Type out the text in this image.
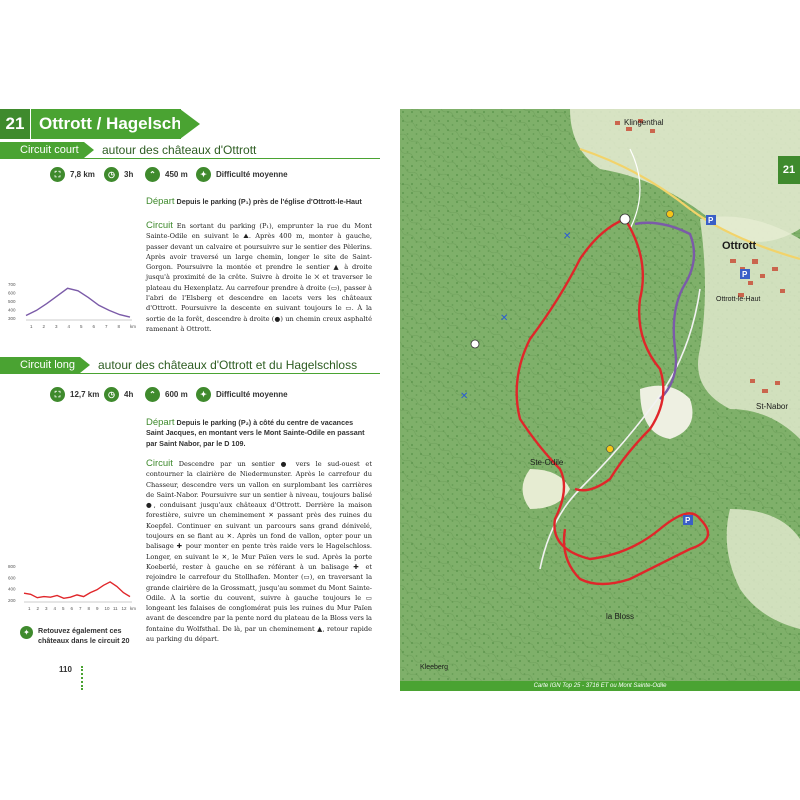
21 Ottrott / Hagelschloss
Circuit court	autour des châteaux d'Ottrott
⛶	7,8 km	◷	3h	⌃	450 m	✦	Difficulté moyenne
Départ Depuis le parking (P₁) près de l'église d'Ottrott-le-Haut
Circuit En sortant du parking (P₁), emprunter la rue du Mont Sainte-Odile en suivant le ⛰. Après 400 m, monter à gauche, passer devant un calvaire et poursuivre sur le sentier des Pèlerins. Après avoir traversé un large chemin, longer le site de Saint-Gorgon. Poursuivre la montée et prendre le sentier ▲ à droite jusqu'à proximité de la crête. Suivre à droite le ✕ et traverser le plateau du Hexenplatz. Au carrefour prendre à droite (▭), passer à l'abri de l'Elsberg et descendre en lacets vers les châteaux d'Ottrott. Poursuivre la descente en suivant toujours le ▭. À la sortie de la forêt, descendre à droite (●) un chemin creux asphalté ramenant à Ottrott.
700
600
500
400
300
1 2 3 4 5 6 7 8 km
Circuit long	autour des châteaux d'Ottrott et du Hagelschloss
⛶	12,7 km	◷	4h	⌃	600 m	✦	Difficulté moyenne
Départ Depuis le parking (P₂) à côté du centre de vacances Saint Jacques, en montant vers le Mont Sainte-Odile en passant par Saint Nabor, par le D 109.
Circuit Descendre par un sentier ● vers le sud-ouest et contourner la clairière de Niedermunster. Après le carrefour du Chasseur, descendre vers un vallon en surplombant les carrières de Saint-Nabor. Poursuivre sur un sentier à niveau, toujours balisé ●, conduisant jusqu'aux châteaux d'Ottrott. Derrière la maison forestière, suivre un cheminement ✕ passant près des ruines du Koepfel. Continuer en suivant un parcours sans grand dénivelé, toujours en se fiant au ✕. Après un fond de vallon, opter pour un balisage ✚ pour monter en pente très raide vers le Hagelschloss. Longer, en suivant le ✕, le Mur Païen vers le sud. Après la porte Koeberlé, rester à gauche en se référant à un balisage ✚ et rejoindre le carrefour du Stollhafen. Monter (▭), en traversant la grande clairière de la Grossmatt, jusqu'au sommet du Mont Sainte-Odile. À la sortie du couvent, suivre à gauche toujours le ▭ longeant les falaises de conglomérat puis les ruines du Mur Païen avant de descendre par la pente nord du plateau de la Bloss vers la fontaine du Wolfsthal. De là, par un cheminement ▲, retour rapide au parking du départ.
800
600
400
200
1 2 3 4 5 6 7 8 9 10 11 12 km
✦	Retouvez également ces châteaux dans le circuit 20
110
✕
✕
✕
P
P
P
Klingenthal
Ottrott
Ottrott-le-Haut
St-Nabor
Ste-Odile
la Bloss
Kleeberg
21
Carte IGN Top 25 - 3716 ET ou Mont Sainte-Odile
